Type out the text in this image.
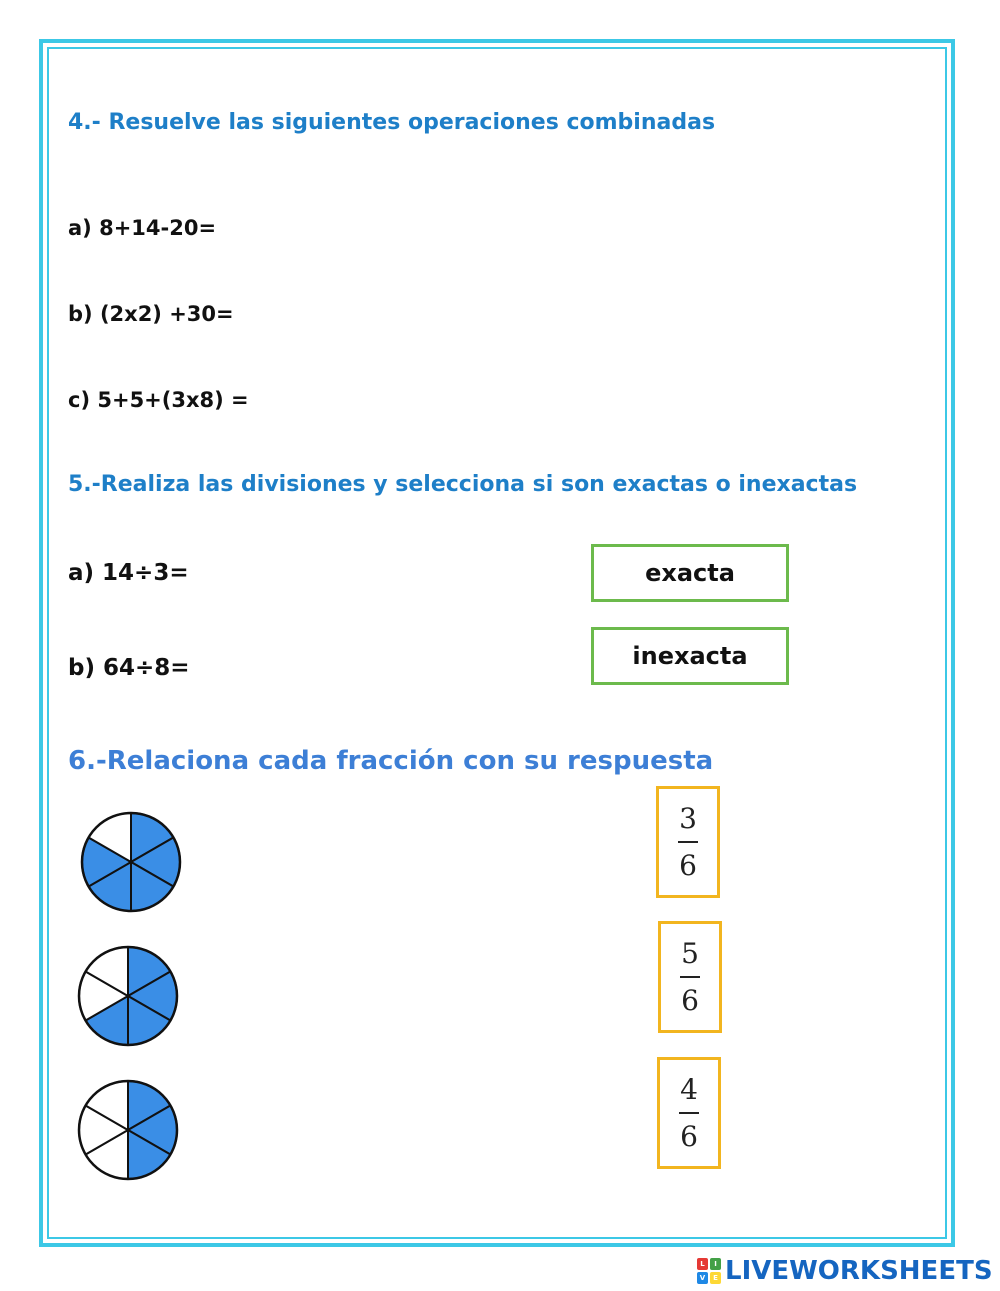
4.- Resuelve las siguientes operaciones combinadas
a) 8+14-20=
b) (2x2) +30=
c) 5+5+(3x8) =
5.-Realiza las divisiones y selecciona si son exactas o inexactas
a) 14÷3=
b) 64÷8=
exacta
inexacta
6.-Relaciona cada fracción con su respuesta
3
6
5
6
4
6
L	I
V	E LIVEWORKSHEETS
